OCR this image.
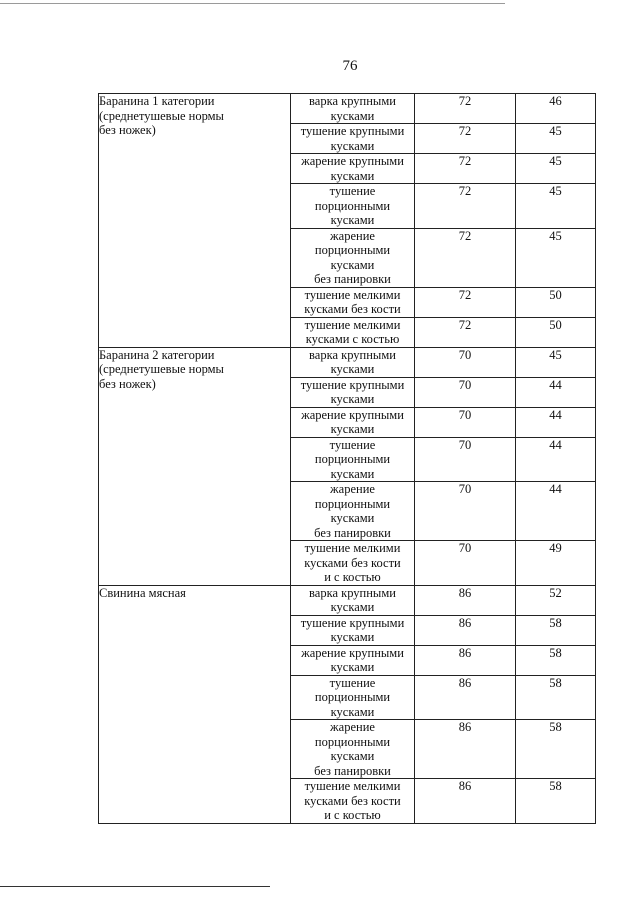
76
Баранина 1 категории
(среднетушевые нормы
без ножек)	варка крупными
кусками	72	46
	тушение крупными
кусками	72	45
	жарение крупными
кусками	72	45
	тушение
порционными
кусками	72	45
	жарение
порционными
кусками
без панировки	72	45
	тушение мелкими
кусками без кости	72	50
	тушение мелкими
кусками с костью	72	50
Баранина 2 категории
(среднетушевые нормы
без ножек)	варка крупными
кусками	70	45
	тушение крупными
кусками	70	44
	жарение крупными
кусками	70	44
	тушение
порционными
кусками	70	44
	жарение
порционными
кусками
без панировки	70	44
	тушение мелкими
кусками без кости
и с костью	70	49
Свинина мясная	варка крупными
кусками	86	52
	тушение крупными
кусками	86	58
	жарение крупными
кусками	86	58
	тушение
порционными
кусками	86	58
	жарение
порционными
кусками
без панировки	86	58
	тушение мелкими
кусками без кости
и с костью	86	58
